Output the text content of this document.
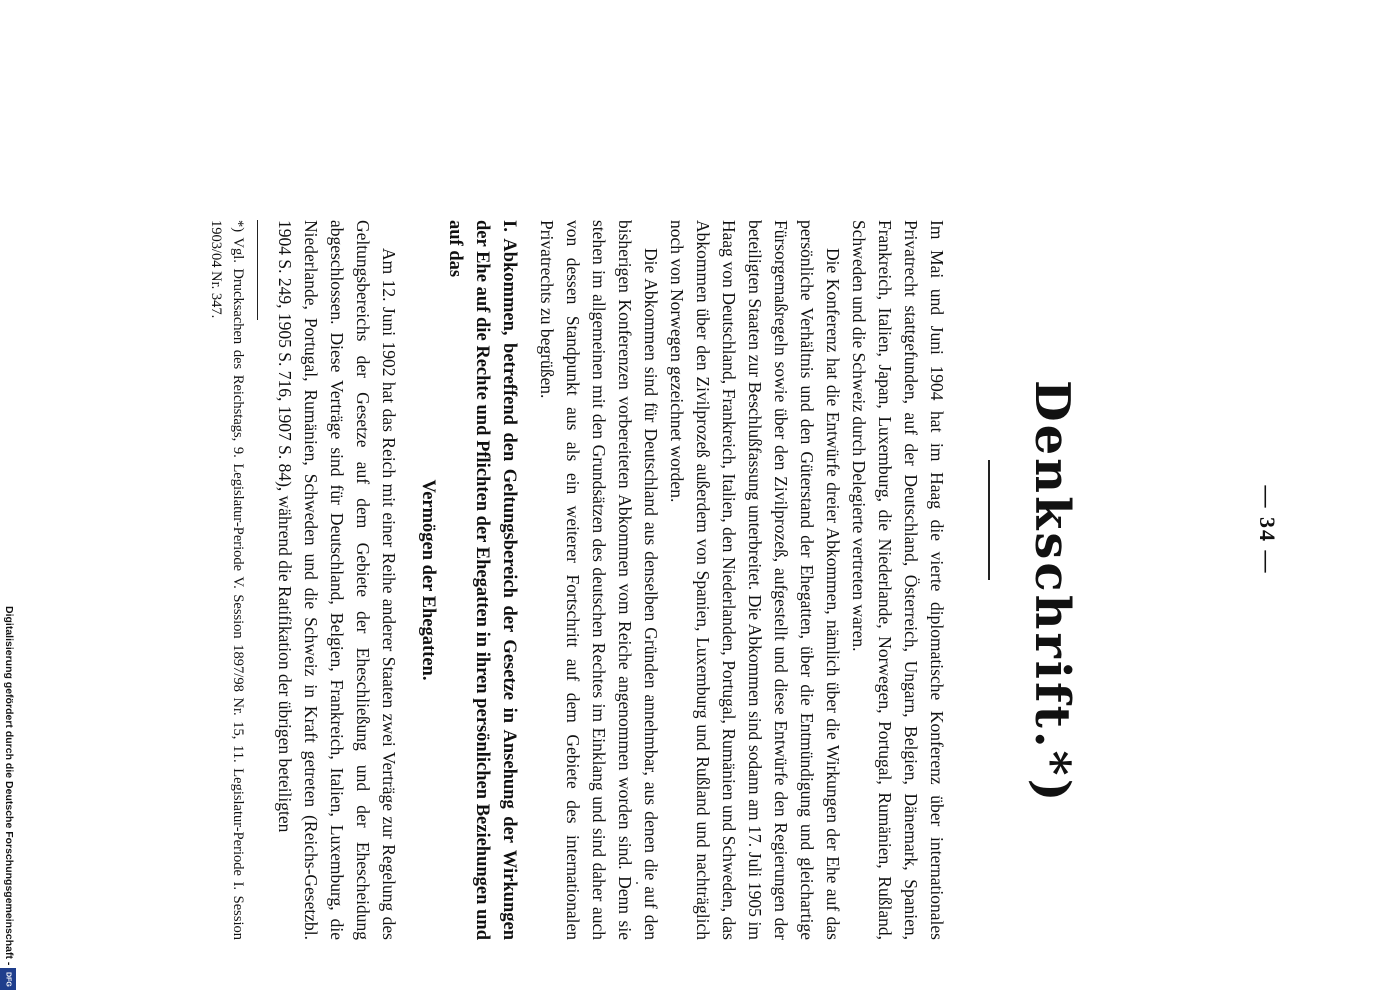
— 34 —
Denkschrift.*)

Im Mai und Juni 1904 hat im Haag die vierte diplomatische Konferenz über internationales Privatrecht stattgefunden, auf der Deutschland, Österreich, Ungarn, Belgien, Dänemark, Spanien, Frankreich, Italien, Japan, Luxemburg, die Niederlande, Norwegen, Portugal, Rumänien, Rußland, Schweden und die Schweiz durch Delegierte vertreten waren.

Die Konferenz hat die Entwürfe dreier Abkommen, nämlich über die Wirkungen der Ehe auf das persönliche Verhältnis und den Güterstand der Ehegatten, über die Entmündigung und gleichartige Fürsorgemaßregeln sowie über den Zivilprozeß, aufgestellt und diese Entwürfe den Regierungen der beteiligten Staaten zur Beschlußfassung unterbreitet. Die Abkommen sind sodann am 17. Juli 1905 im Haag von Deutschland, Frankreich, Italien, den Niederlanden, Portugal, Rumänien und Schweden, das Abkommen über den Zivilprozeß außerdem von Spanien, Luxemburg und Rußland und nachträglich noch von Norwegen gezeichnet worden.

Die Abkommen sind für Deutschland aus denselben Gründen annehmbar, aus denen die auf den bisherigen Konferenzen vorbereiteten Abkommen vom Reiche angenommen worden sind. Denn sie stehen im allgemeinen mit den Grundsätzen des deutschen Rechtes im Einklang und sind daher auch von dessen Standpunkt aus als ein weiterer Fortschritt auf dem Gebiete des internationalen Privatrechts zu begrüßen.

I. Abkommen, betreffend den Geltungsbereich der Gesetze in Ansehung der Wirkungen der Ehe auf die Rechte und Pflichten der Ehegatten in ihren persönlichen Beziehungen und auf das
Vermögen der Ehegatten.

Am 12. Juni 1902 hat das Reich mit einer Reihe anderer Staaten zwei Verträge zur Regelung des Geltungsbereichs der Gesetze auf dem Gebiete der Eheschließung und der Ehescheidung abgeschlossen. Diese Verträge sind für Deutschland, Belgien, Frankreich, Italien, Luxemburg, die Niederlande, Portugal, Rumänien, Schweden und die Schweiz in Kraft getreten (Reichs-Gesetzbl. 1904 S. 249, 1905 S. 716, 1907 S. 84), während die Ratifikation der übrigen beteiligten

*) Vgl. Drucksachen des Reichstags, 9. Legislatur-Periode V. Session 1897/98 Nr. 15, 11. Legislatur-Periode I. Session 1903/04 Nr. 347.

Digitalisierung gefördert durch die Deutsche Forschungsgemeinschaft -
DFG
